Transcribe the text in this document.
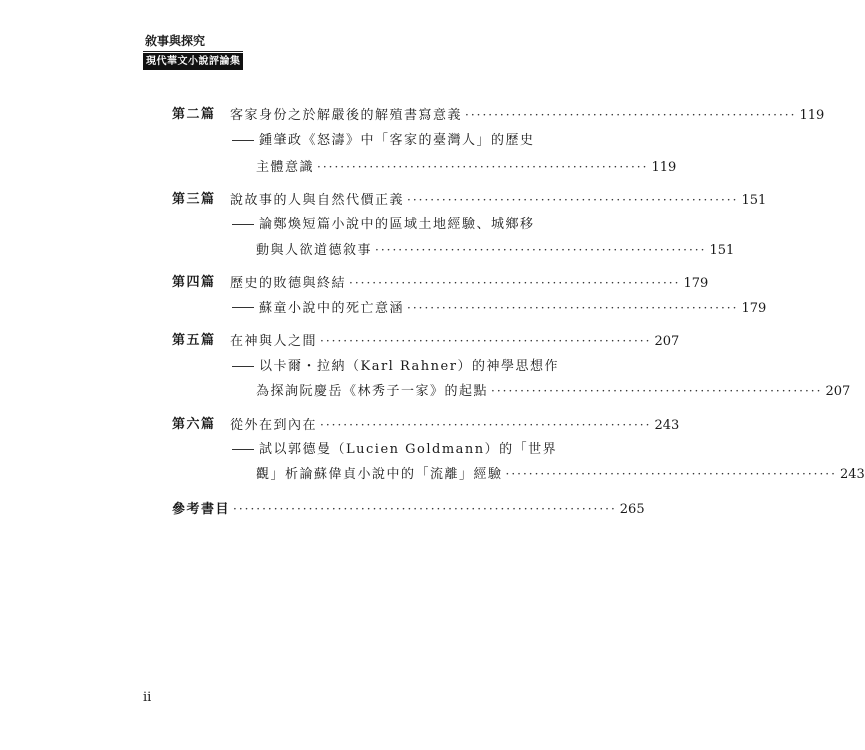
敘事與探究
現代華文小說評論集
第二篇 客家身份之於解嚴後的解殖書寫意義 ························································· 119
鍾肇政《怒濤》中「客家的臺灣人」的歷史
主體意識 ························································· 119
第三篇 說故事的人與自然代價正義 ························································· 151
論鄭煥短篇小說中的區域土地經驗、城鄉移
動與人欲道德敘事 ························································· 151
第四篇 歷史的敗德與終結 ························································· 179
蘇童小說中的死亡意涵 ························································· 179
第五篇 在神與人之間 ························································· 207
以卡爾・拉納（Karl Rahner）的神學思想作
為探詢阮慶岳《林秀子一家》的起點 ························································· 207
第六篇 從外在到內在 ························································· 243
試以郭德曼（Lucien Goldmann）的「世界
觀」析論蘇偉貞小說中的「流離」經驗 ························································· 243
參考書目 ·································································· 265
ii
